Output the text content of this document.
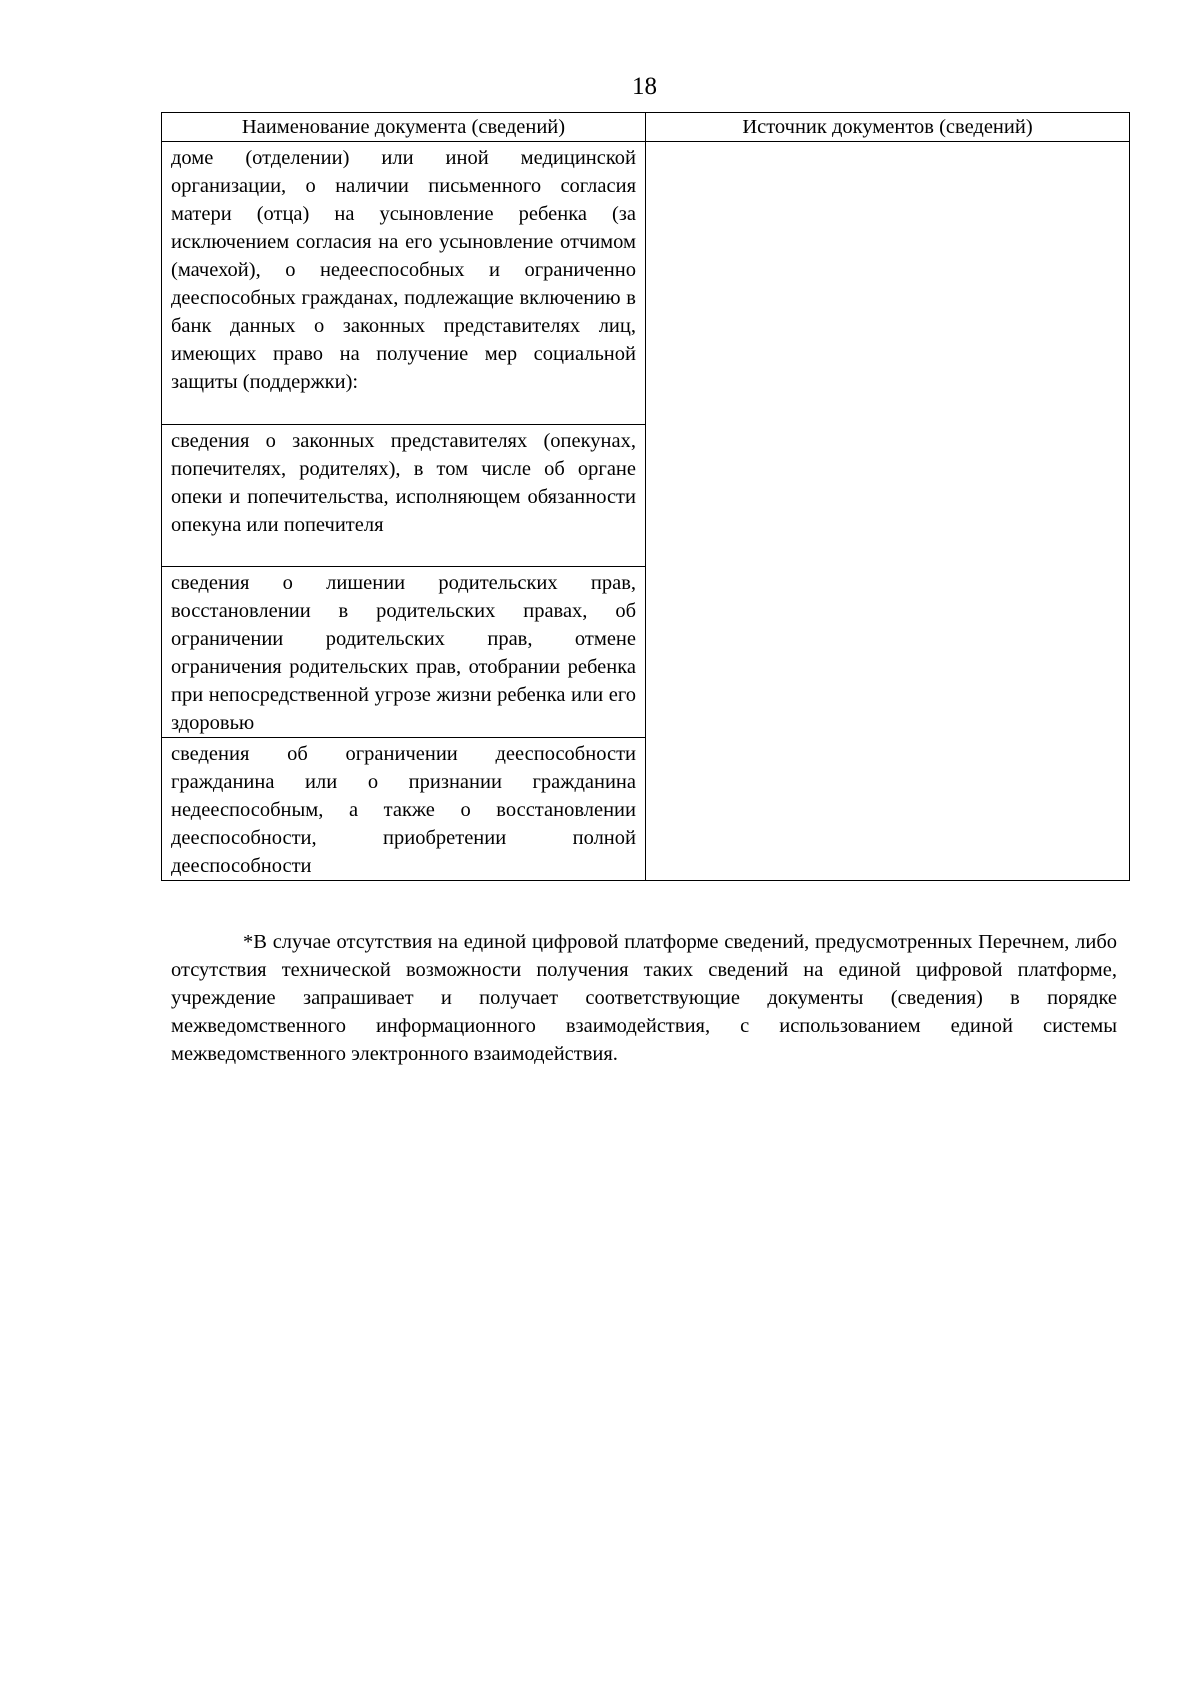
18
Наименование документа (сведений)	Источник документов (сведений)
доме (отделении) или иной медицинской организации, о наличии письменного согласия матери (отца) на усыновление ребенка (за исключением согласия на его усыновление отчимом (мачехой), о недееспособных и ограниченно дееспособных гражданах, подлежащие включению в банк данных о законных представителях лиц, имеющих право на получение мер социальной защиты (поддержки):	
сведения о законных представителях (опекунах, попечителях, родителях), в том числе об органе опеки и попечительства, исполняющем обязанности опекуна или попечителя	
сведения о лишении родительских прав, восстановлении в родительских правах, об ограничении родительских прав, отмене ограничения родительских прав, отобрании ребенка при непосредственной угрозе жизни ребенка или его здоровью	
сведения об ограничении дееспособности гражданина или о признании гражданина недееспособным, а также о восстановлении дееспособности, приобретении полной дееспособности	

*В случае отсутствия на единой цифровой платформе сведений, предусмотренных Перечнем, либо отсутствия технической возможности получения таких сведений на единой цифровой платформе, учреждение запрашивает и получает соответствующие документы (сведения) в порядке межведомственного информационного взаимодействия, с использованием единой системы межведомственного электронного взаимодействия.
